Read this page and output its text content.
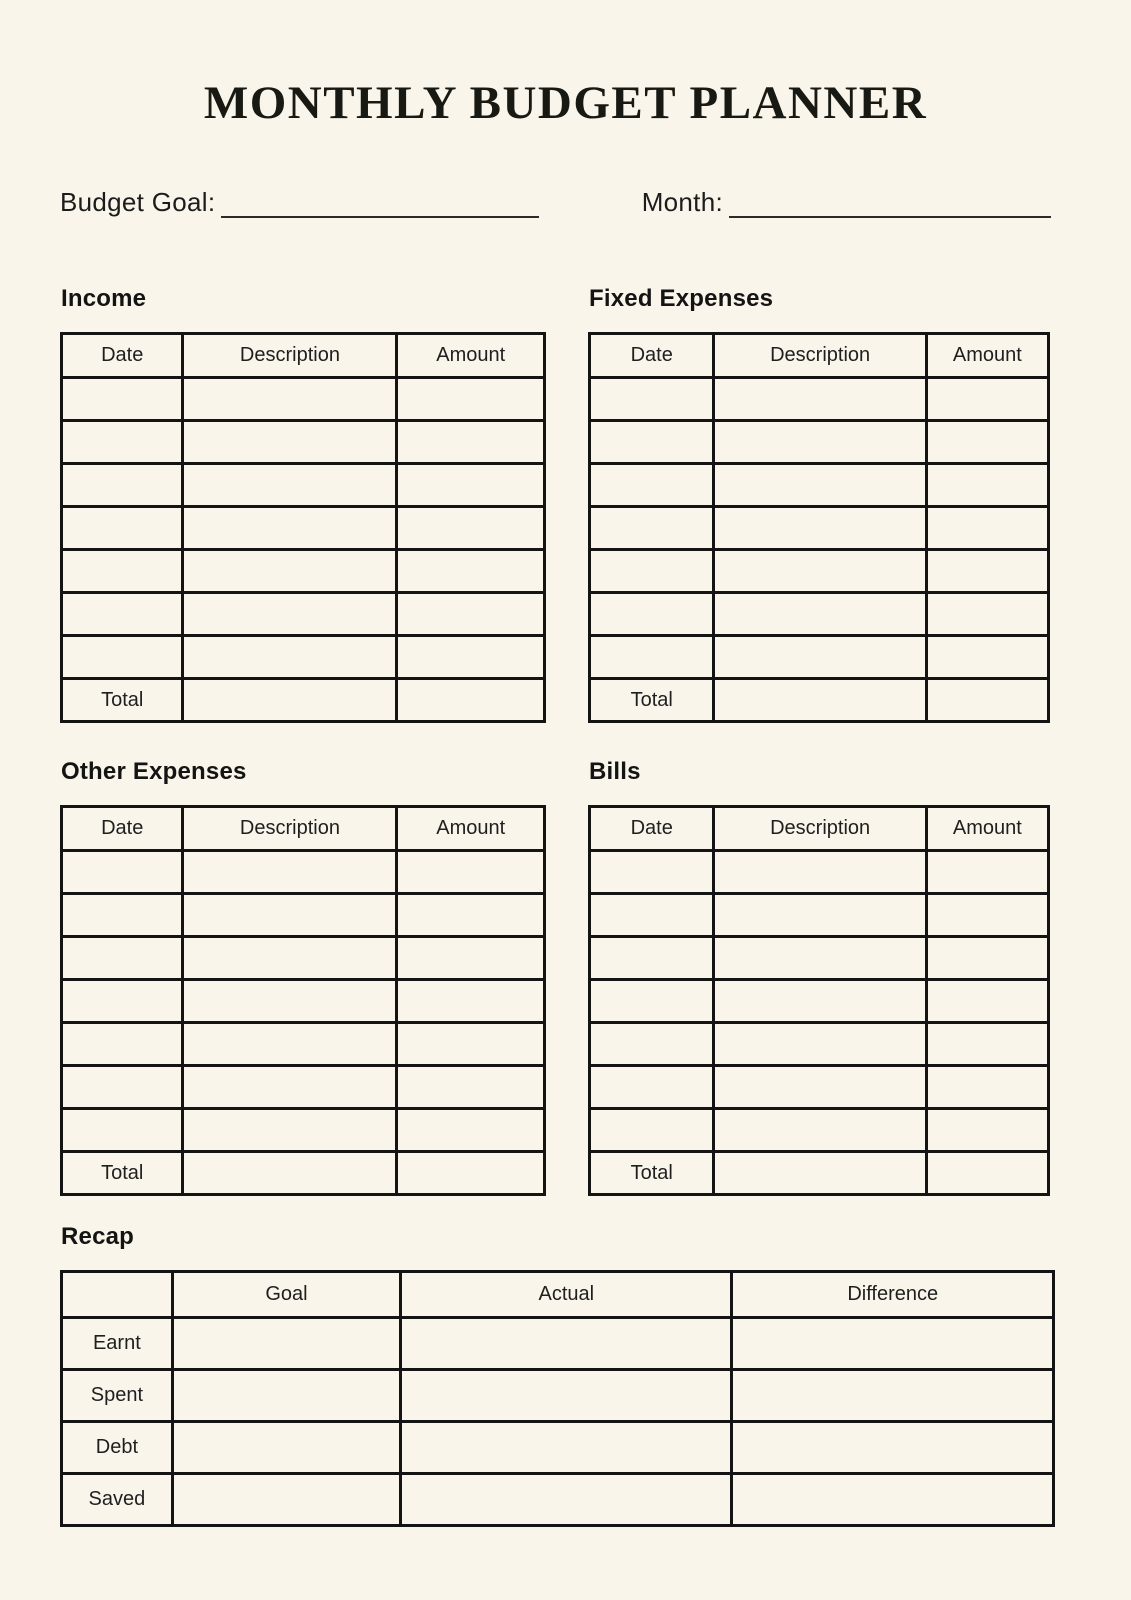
MONTHLY BUDGET PLANNER
Budget Goal:	Month:
Income
Date	Description	Amount

Total		
Fixed Expenses
Date	Description	Amount

Total		
Other Expenses
Date	Description	Amount

Total		
Bills
Date	Description	Amount

Total		
Recap
	Goal	Actual	Difference
Earnt			
Spent			
Debt			
Saved			
